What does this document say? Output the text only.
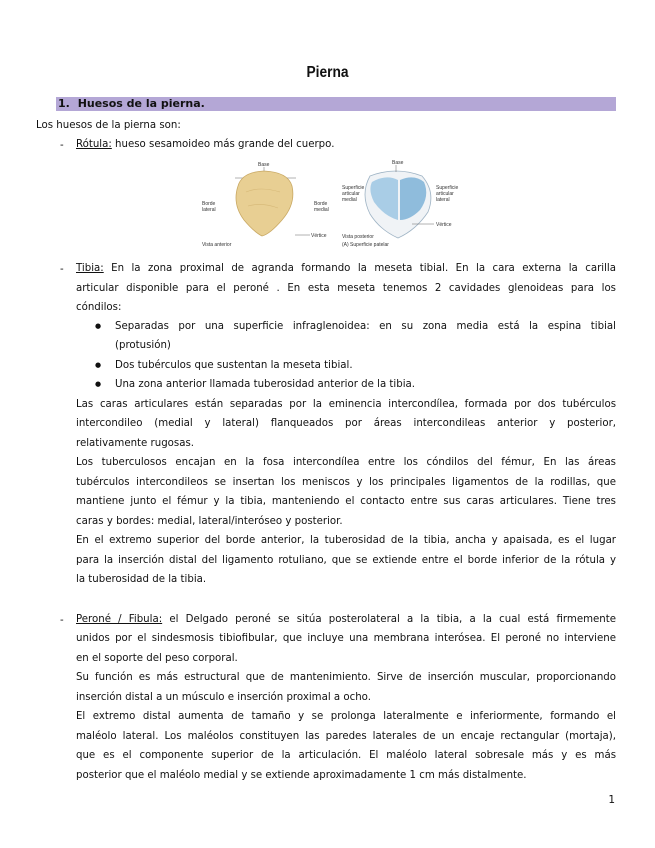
Pierna
1. Huesos de la pierna.
Los huesos de la pierna son:
- Rótula: hueso sesamoideo más grande del cuerpo.
Base
Borde
lateral
Borde
medial
Vértice
Vista anterior
Base
Superficie
articular
medial
Superficie
articular
lateral
Vértice
Vista posterior
(A) Superficie patelar
- Tibia: En la zona proximal de agranda formando la meseta tibial. En la cara externa la carilla
articular disponible para el peroné . En esta meseta tenemos 2 cavidades glenoideas para los
cóndilos:
● Separadas por una superficie infraglenoidea: en su zona media está la espina tibial
(protusión)
● Dos tubérculos que sustentan la meseta tibial.
● Una zona anterior llamada tuberosidad anterior de la tibia.
Las caras articulares están separadas por la eminencia intercondílea, formada por dos tubérculos
intercondileo (medial y lateral) flanqueados por áreas intercondileas anterior y posterior,
relativamente rugosas.
Los tuberculosos encajan en la fosa intercondílea entre los cóndilos del fémur, En las áreas
tubérculos intercondileos se insertan los meniscos y los principales ligamentos de la rodillas, que
mantiene junto el fémur y la tibia, manteniendo el contacto entre sus caras articulares. Tiene tres
caras y bordes: medial, lateral/interóseo y posterior.
En el extremo superior del borde anterior, la tuberosidad de la tibia, ancha y apaisada, es el lugar
para la inserción distal del ligamento rotuliano, que se extiende entre el borde inferior de la rótula y
la tuberosidad de la tibia.
- Peroné / Fibula: el Delgado peroné se sitúa posterolateral a la tibia, a la cual está firmemente
unidos por el sindesmosis tibiofibular, que incluye una membrana interósea. El peroné no interviene
en el soporte del peso corporal.
Su función es más estructural que de mantenimiento. Sirve de inserción muscular, proporcionando
inserción distal a un músculo e inserción proximal a ocho.
El extremo distal aumenta de tamaño y se prolonga lateralmente e inferiormente, formando el
maléolo lateral. Los maléolos constituyen las paredes laterales de un encaje rectangular (mortaja),
que es el componente superior de la articulación. El maléolo lateral sobresale más y es más
posterior que el maléolo medial y se extiende aproximadamente 1 cm más distalmente.
1
